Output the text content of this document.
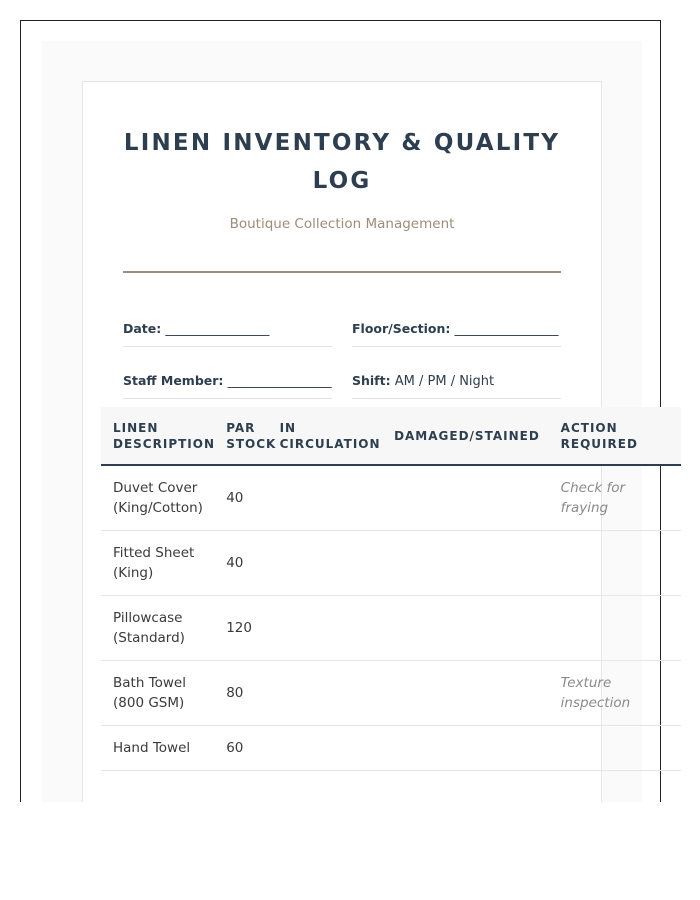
LINEN INVENTORY & QUALITY LOG
Boutique Collection Management
Date: ________________	Floor/Section: ________________
Staff Member: ________________ Shift: AM / PM / Night
LINEN DESCRIPTION	PAR STOCK	IN CIRCULATION	DAMAGED/STAINED	ACTION REQUIRED
Duvet Cover (King/Cotton)	40			Check for fraying
Fitted Sheet (King)	40			
Pillowcase (Standard)	120			
Bath Towel (800 GSM)	80			Texture inspection
Hand Towel	60			
